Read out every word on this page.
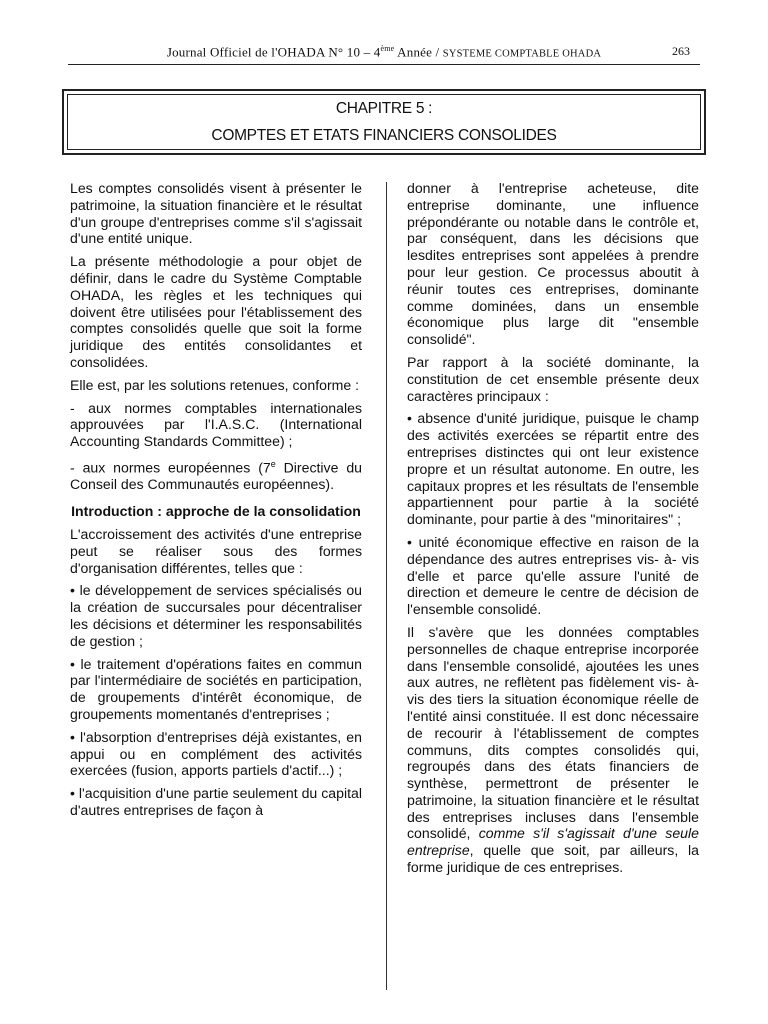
Journal Officiel de l'OHADA N° 10 – 4ème Année / SYSTEME COMPTABLE OHADA	263
CHAPITRE 5 :
COMPTES ET ETATS FINANCIERS CONSOLIDES

Les comptes consolidés visent à présenter le patrimoine, la situation financière et le résultat d'un groupe d'entreprises comme s'il s'agissait d'une entité unique.

La présente méthodologie a pour objet de définir, dans le cadre du Système Comptable OHADA, les règles et les techniques qui doivent être utilisées pour l'établissement des comptes consolidés quelle que soit la forme juridique des entités consolidantes et consolidées.

Elle est, par les solutions retenues, conforme :

- aux normes comptables internationales approuvées par l'I.A.S.C. (International Accounting Standards Committee) ;

- aux normes européennes (7e Directive du Conseil des Communautés européennes).

Introduction : approche de la consolidation

L'accroissement des activités d'une entreprise peut se réaliser sous des formes d'organisation différentes, telles que :

• le développement de services spécialisés ou la création de succursales pour décentraliser les décisions et déterminer les responsabilités de gestion ;

• le traitement d'opérations faites en commun par l'intermédiaire de sociétés en participation, de groupements d'intérêt économique, de groupements momentanés d'entreprises ;

• l'absorption d'entreprises déjà existantes, en appui ou en complément des activités exercées (fusion, apports partiels d'actif...) ;

• l'acquisition d'une partie seulement du capital d'autres entreprises de façon à

donner à l'entreprise acheteuse, dite entreprise dominante, une influence prépondérante ou notable dans le contrôle et, par conséquent, dans les décisions que lesdites entreprises sont appelées à prendre pour leur gestion. Ce processus aboutit à réunir toutes ces entreprises, dominante comme dominées, dans un ensemble économique plus large dit "ensemble consolidé".

Par rapport à la société dominante, la constitution de cet ensemble présente deux caractères principaux :

• absence d'unité juridique, puisque le champ des activités exercées se répartit entre des entreprises distinctes qui ont leur existence propre et un résultat autonome. En outre, les capitaux propres et les résultats de l'ensemble appartiennent pour partie à la société dominante, pour partie à des "minoritaires" ;

• unité économique effective en raison de la dépendance des autres entreprises vis- à- vis d'elle et parce qu'elle assure l'unité de direction et demeure le centre de décision de l'ensemble consolidé.

Il s'avère que les données comptables personnelles de chaque entreprise incorporée dans l'ensemble consolidé, ajoutées les unes aux autres, ne reflètent pas fidèlement vis- à- vis des tiers la situation économique réelle de l'entité ainsi constituée. Il est donc nécessaire de recourir à l'établissement de comptes communs, dits comptes consolidés qui, regroupés dans des états financiers de synthèse, permettront de présenter le patrimoine, la situation financière et le résultat des entreprises incluses dans l'ensemble consolidé, comme s'il s'agissait d'une seule entreprise, quelle que soit, par ailleurs, la forme juridique de ces entreprises.
